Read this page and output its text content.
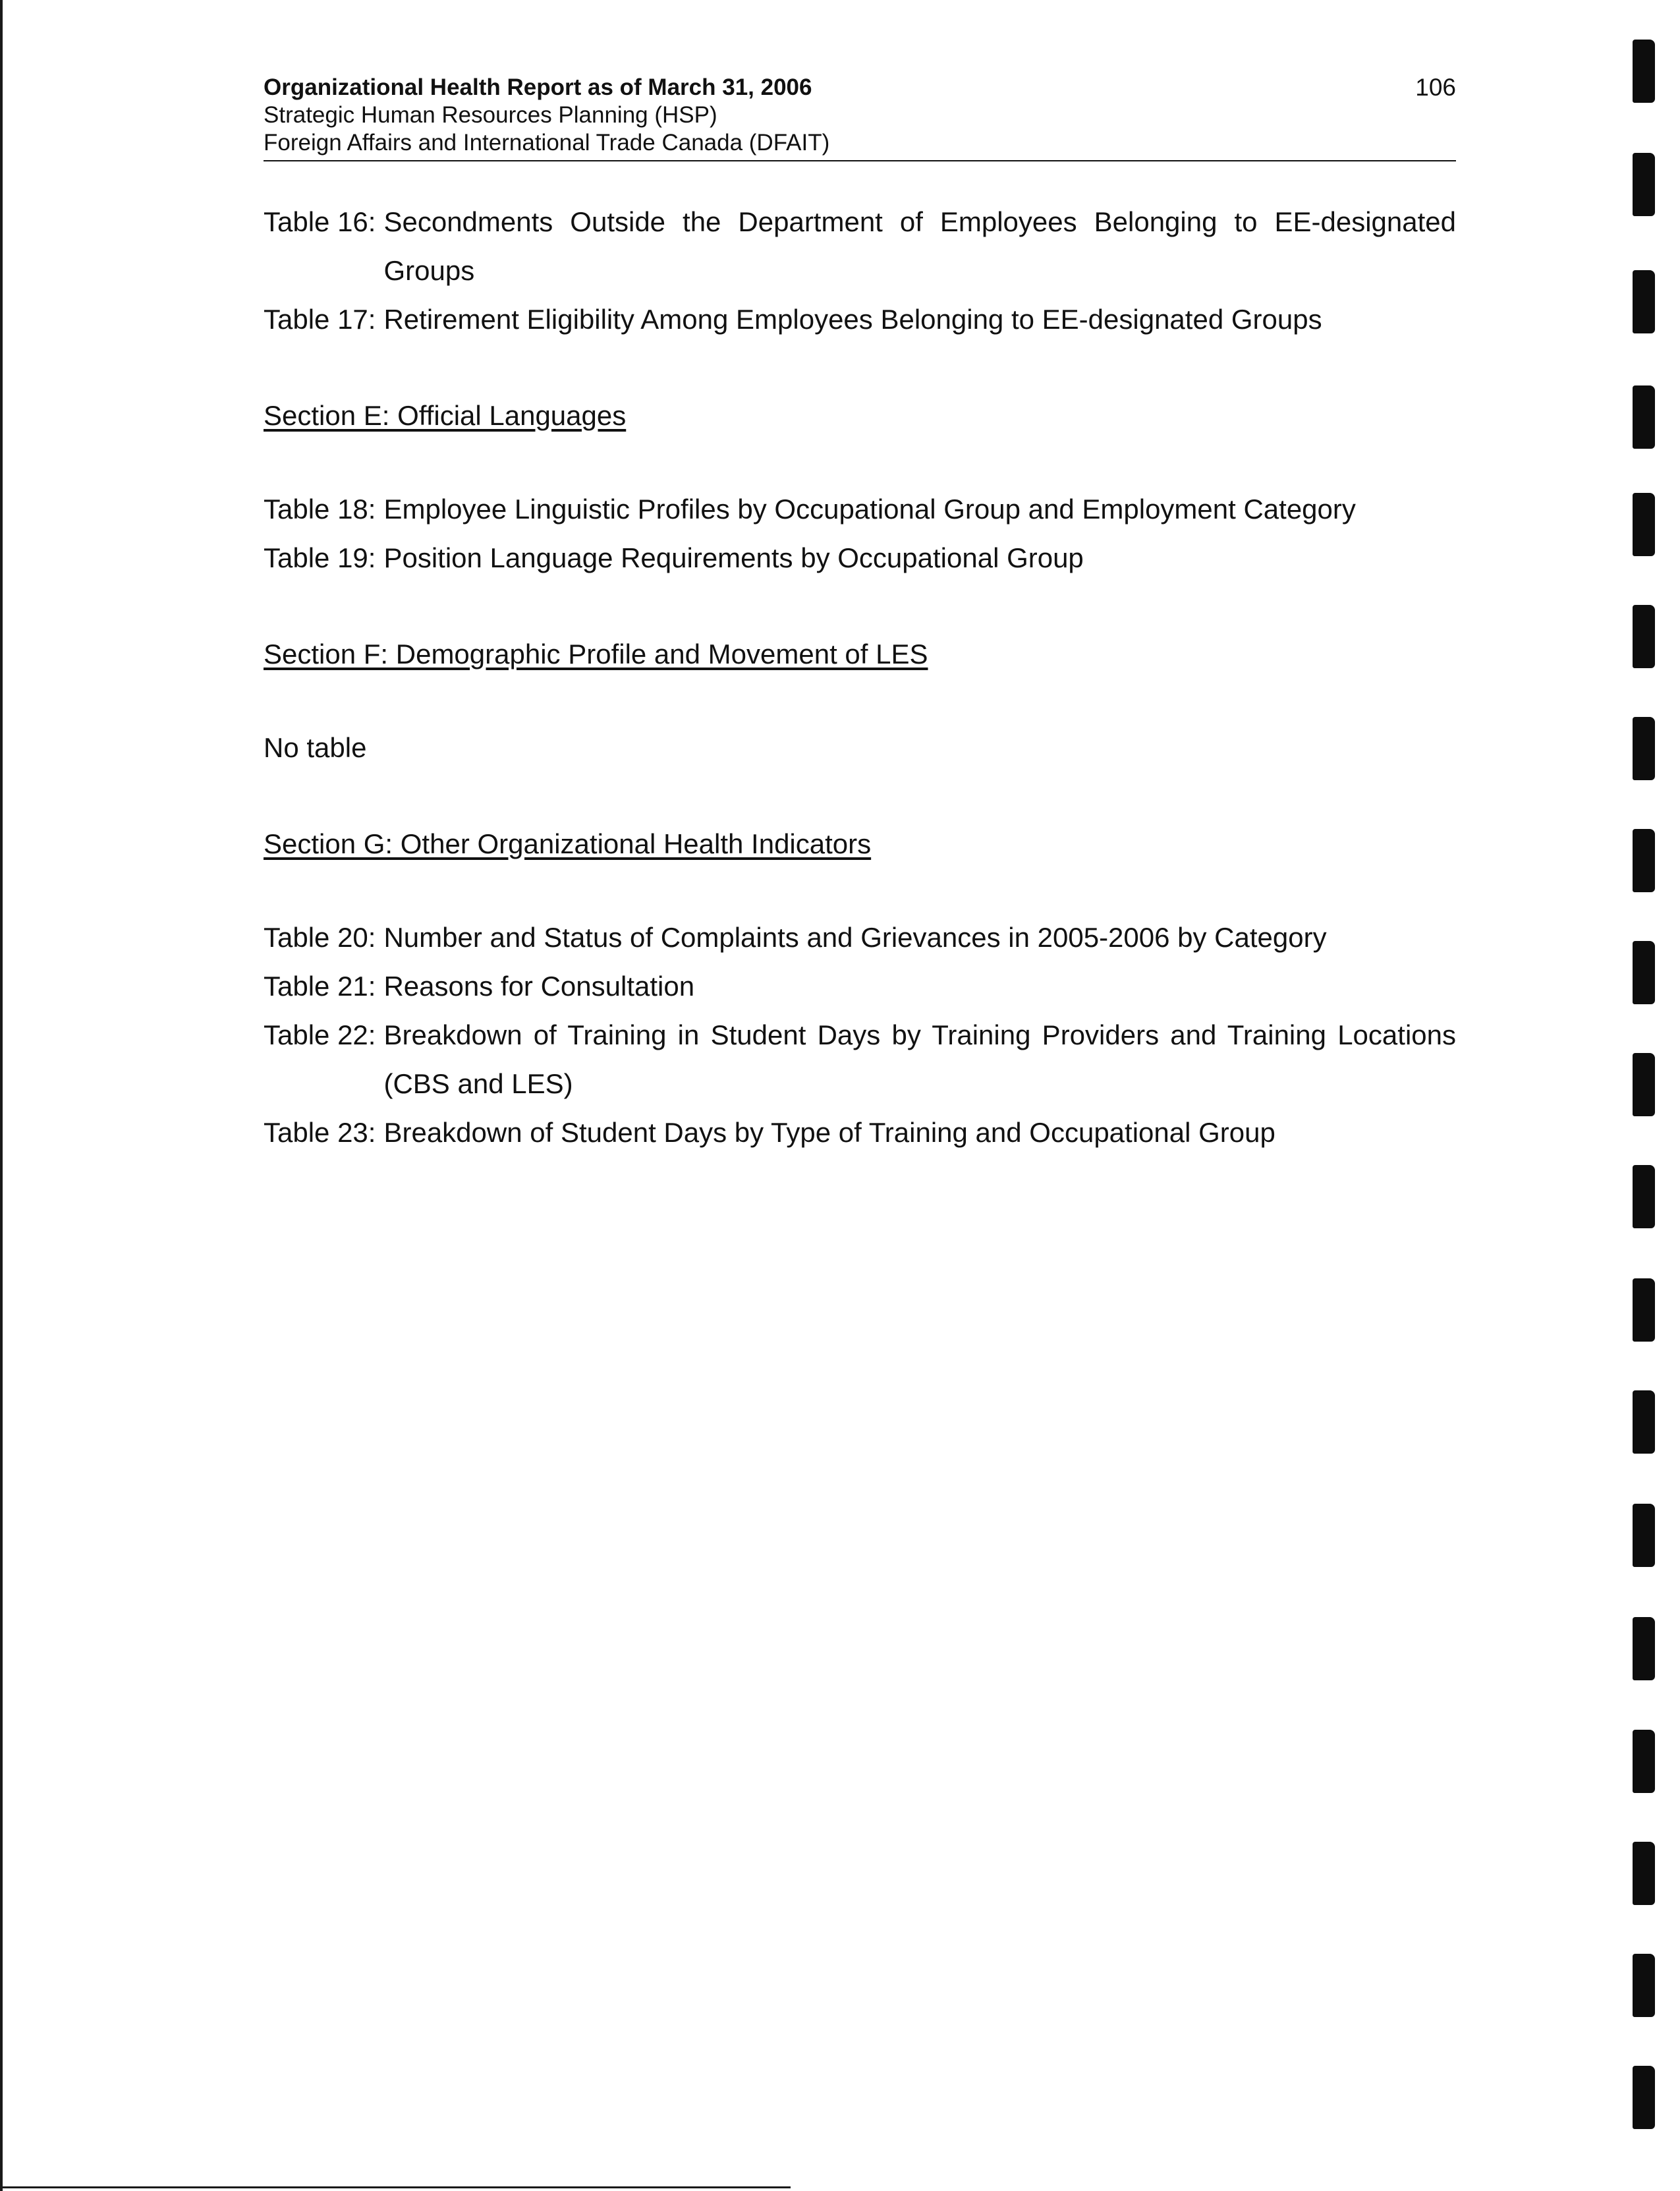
Organizational Health Report as of March 31, 2006
Strategic Human Resources Planning (HSP)
Foreign Affairs and International Trade Canada (DFAIT)
106
Table 16: Secondments Outside the Department of Employees Belonging to EE-designated Groups
Table 17: Retirement Eligibility Among Employees Belonging to EE-designated Groups
Section E: Official Languages
Table 18: Employee Linguistic Profiles by Occupational Group and Employment Category
Table 19: Position Language Requirements by Occupational Group
Section F: Demographic Profile and Movement of LES
No table
Section G: Other Organizational Health Indicators
Table 20: Number and Status of Complaints and Grievances in 2005-2006 by Category
Table 21: Reasons for Consultation
Table 22: Breakdown of Training in Student Days by Training Providers and Training Locations (CBS and LES)
Table 23: Breakdown of Student Days by Type of Training and Occupational Group
